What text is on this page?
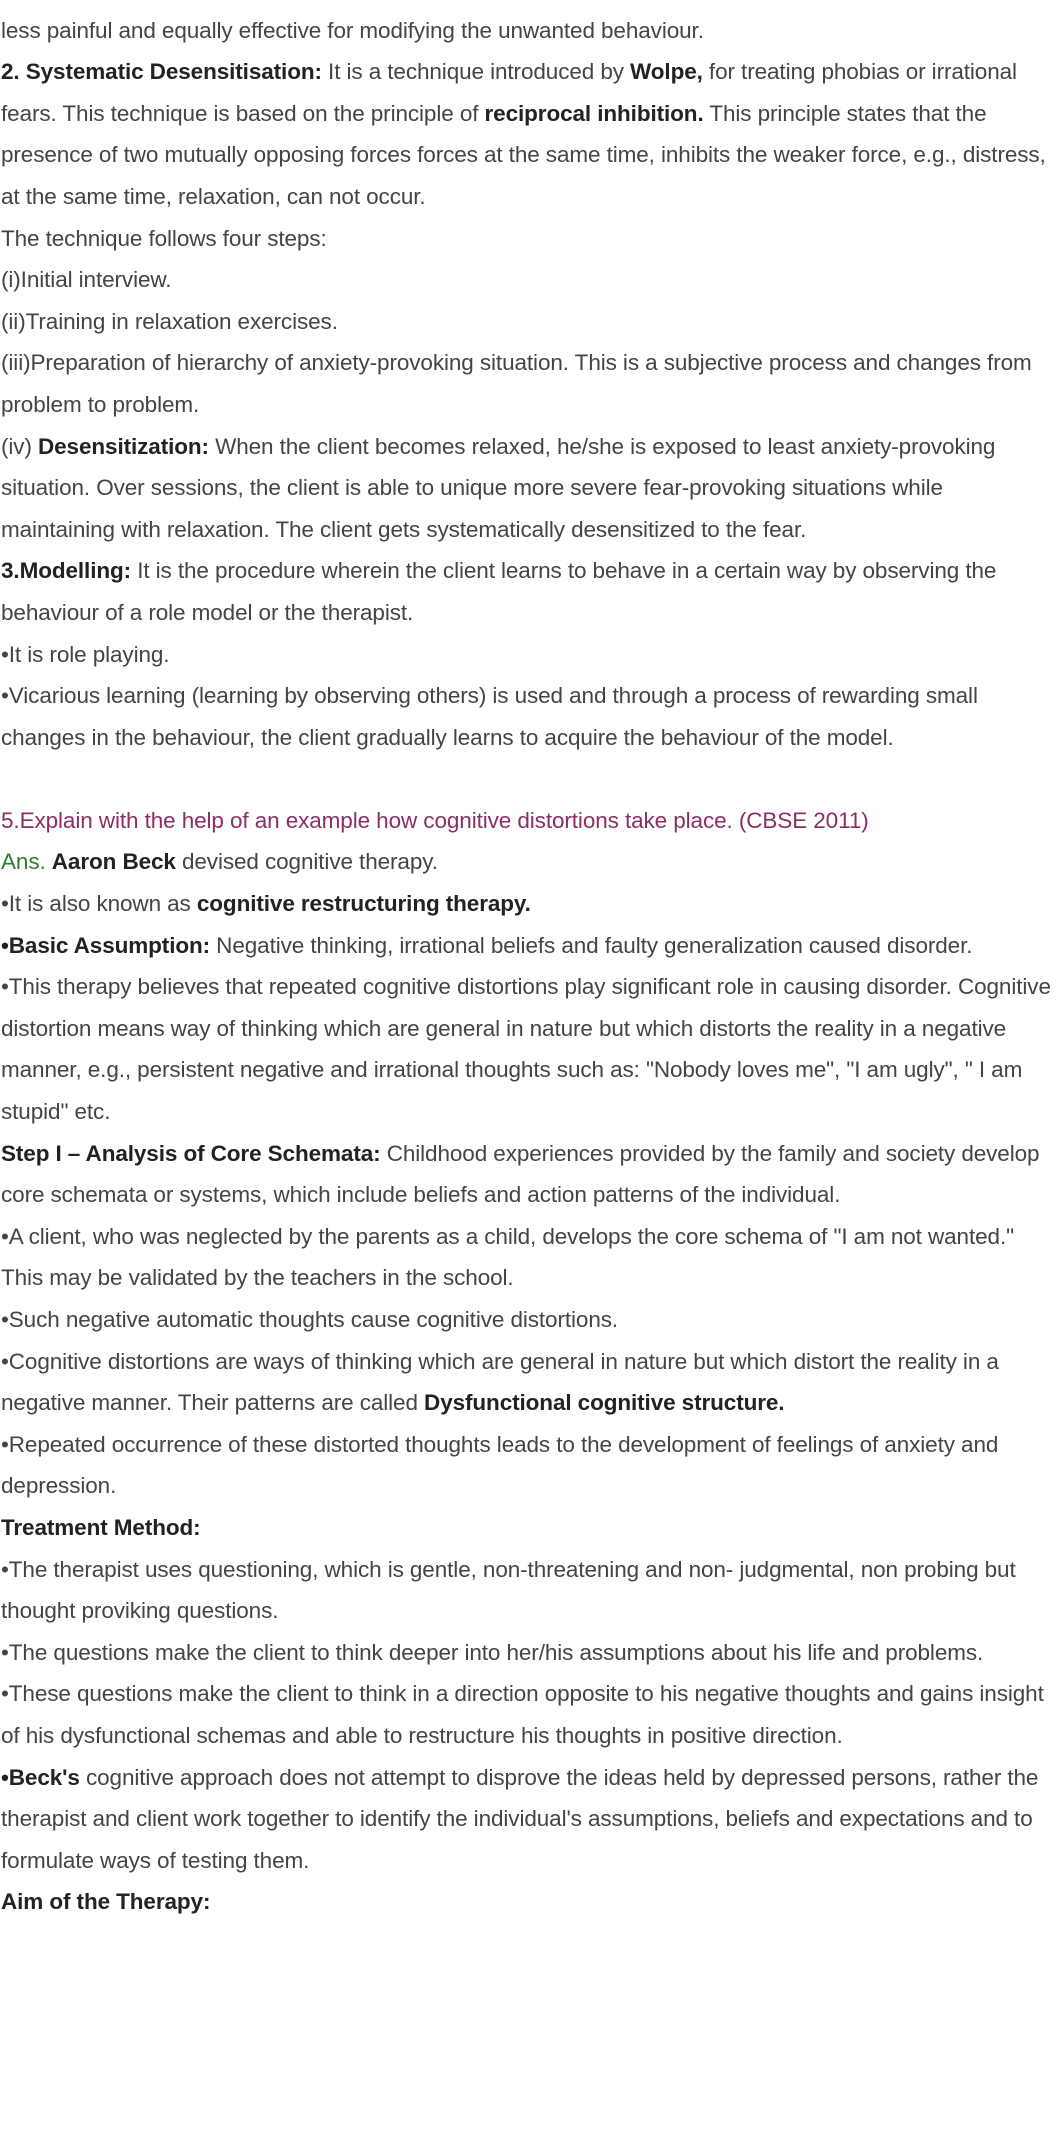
less painful and equally effective for modifying the unwanted behaviour.

2. Systematic Desensitisation: It is a technique introduced by Wolpe, for treating phobias or irrational fears. This technique is based on the principle of reciprocal inhibition. This principle states that the presence of two mutually opposing forces forces at the same time, inhibits the weaker force, e.g., distress, at the same time, relaxation, can not occur.

The technique follows four steps:

(i)Initial interview.

(ii)Training in relaxation exercises.

(iii)Preparation of hierarchy of anxiety-provoking situation. This is a subjective process and changes from problem to problem.

(iv) Desensitization: When the client becomes relaxed, he/she is exposed to least anxiety-provoking situation. Over sessions, the client is able to unique more severe fear-provoking situations while maintaining with relaxation. The client gets systematically desensitized to the fear.

3.Modelling: It is the procedure wherein the client learns to behave in a certain way by observing the behaviour of a role model or the therapist.

•It is role playing.

•Vicarious learning (learning by observing others) is used and through a process of rewarding small changes in the behaviour, the client gradually learns to acquire the behaviour of the model.

5.Explain with the help of an example how cognitive distortions take place. (CBSE 2011)

Ans. Aaron Beck devised cognitive therapy.

•It is also known as cognitive restructuring therapy.

•Basic Assumption: Negative thinking, irrational beliefs and faulty generalization caused disorder.

•This therapy believes that repeated cognitive distortions play significant role in causing disorder. Cognitive distortion means way of thinking which are general in nature but which distorts the reality in a negative manner, e.g., persistent negative and irrational thoughts such as: "Nobody loves me", "I am ugly", " I am stupid" etc.

Step I – Analysis of Core Schemata: Childhood experiences provided by the family and society develop core schemata or systems, which include beliefs and action patterns of the individual.

•A client, who was neglected by the parents as a child, develops the core schema of "I am not wanted." This may be validated by the teachers in the school.

•Such negative automatic thoughts cause cognitive distortions.

•Cognitive distortions are ways of thinking which are general in nature but which distort the reality in a negative manner. Their patterns are called Dysfunctional cognitive structure.

•Repeated occurrence of these distorted thoughts leads to the development of feelings of anxiety and depression.

Treatment Method:

•The therapist uses questioning, which is gentle, non-threatening and non- judgmental, non probing but thought proviking questions.

•The questions make the client to think deeper into her/his assumptions about his life and problems.

•These questions make the client to think in a direction opposite to his negative thoughts and gains insight of his dysfunctional schemas and able to restructure his thoughts in positive direction.

•Beck's cognitive approach does not attempt to disprove the ideas held by depressed persons, rather the therapist and client work together to identify the individual's assumptions, beliefs and expectations and to formulate ways of testing them.

Aim of the Therapy:
